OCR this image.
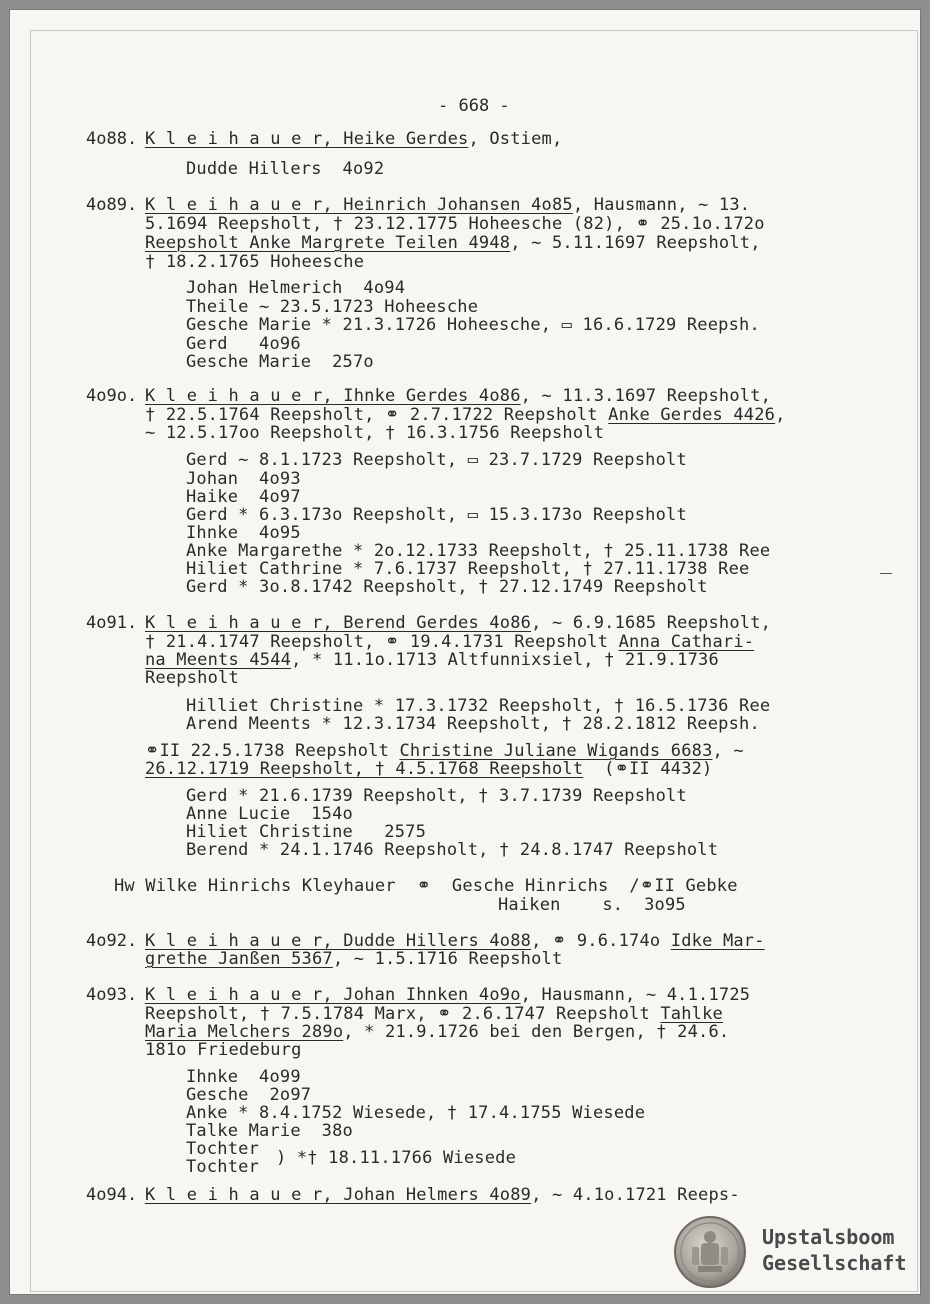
- 668 -
4o88. K l e i h a u e r, Heike Gerdes, Ostiem,
Dudde Hillers  4o92
4o89. K l e i h a u e r, Heinrich Johansen 4o85, Hausmann, ~ 13.
5.1694 Reepsholt, † 23.12.1775 Hoheesche (82), ⚭ 25.1o.172o
Reepsholt Anke Margrete Teilen 4948, ~ 5.11.1697 Reepsholt,
† 18.2.1765 Hoheesche
Johan Helmerich  4o94
Theile ~ 23.5.1723 Hoheesche
Gesche Marie * 21.3.1726 Hoheesche, ▭ 16.6.1729 Reepsh.
Gerd   4o96
Gesche Marie  257o
4o9o. K l e i h a u e r, Ihnke Gerdes 4o86, ~ 11.3.1697 Reepsholt,
† 22.5.1764 Reepsholt, ⚭ 2.7.1722 Reepsholt Anke Gerdes 4426,
~ 12.5.17oo Reepsholt, † 16.3.1756 Reepsholt
Gerd ~ 8.1.1723 Reepsholt, ▭ 23.7.1729 Reepsholt
Johan  4o93
Haike  4o97
Gerd * 6.3.173o Reepsholt, ▭ 15.3.173o Reepsholt
Ihnke  4o95
Anke Margarethe * 2o.12.1733 Reepsholt, † 25.11.1738 Ree
Hiliet Cathrine * 7.6.1737 Reepsholt, † 27.11.1738 Ree
Gerd * 3o.8.1742 Reepsholt, † 27.12.1749 Reepsholt
4o91. K l e i h a u e r, Berend Gerdes 4o86, ~ 6.9.1685 Reepsholt,
† 21.4.1747 Reepsholt, ⚭ 19.4.1731 Reepsholt Anna Cathari-
na Meents 4544, * 11.1o.1713 Altfunnixsiel, † 21.9.1736
Reepsholt
Hilliet Christine * 17.3.1732 Reepsholt, † 16.5.1736 Ree
Arend Meents * 12.3.1734 Reepsholt, † 28.2.1812 Reepsh.
⚭II 22.5.1738 Reepsholt Christine Juliane Wigands 6683, ~
26.12.1719 Reepsholt, † 4.5.1768 Reepsholt  (⚭II 4432)
Gerd * 21.6.1739 Reepsholt, † 3.7.1739 Reepsholt
Anne Lucie  154o
Hiliet Christine   2575
Berend * 24.1.1746 Reepsholt, † 24.8.1747 Reepsholt
Hw Wilke Hinrichs Kleyhauer  ⚭  Gesche Hinrichs  /⚭II Gebke
Haiken    s.  3o95
4o92. K l e i h a u e r, Dudde Hillers 4o88, ⚭ 9.6.174o Idke Mar-
grethe Janßen 5367, ~ 1.5.1716 Reepsholt
4o93. K l e i h a u e r, Johan Ihnken 4o9o, Hausmann, ~ 4.1.1725
Reepsholt, † 7.5.1784 Marx, ⚭ 2.6.1747 Reepsholt Tahlke
Maria Melchers 289o, * 21.9.1726 bei den Bergen, † 24.6.
181o Friedeburg
Ihnke  4o99
Gesche  2o97
Anke * 8.4.1752 Wiesede, † 17.4.1755 Wiesede
Talke Marie  38o
Tochter
Tochter ) *† 18.11.1766 Wiesede
4o94. K l e i h a u e r, Johan Helmers 4o89, ~ 4.1o.1721 Reeps-
Upstalsboom
Gesellschaft
